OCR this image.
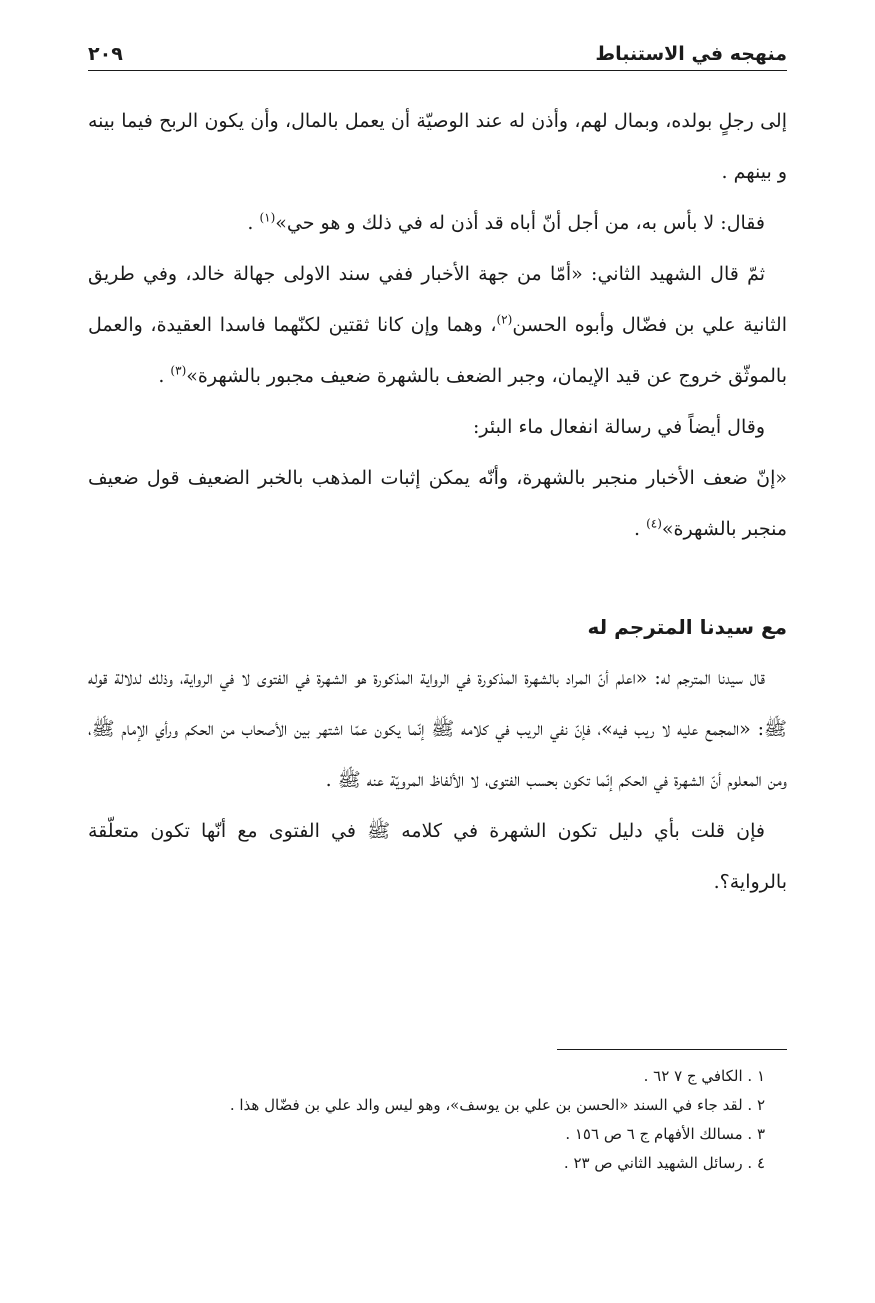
منهجه في الاستنباط
٢٠٩

إلى رجلٍ بولده، وبمال لهم، وأذن له عند الوصيّة أن يعمل بالمال، وأن يكون الربح فيما بينه و بينهم .

فقال: لا بأس به، من أجل أنّ أباه قد أذن له في ذلك و هو حي»$^{(١)}$ .

ثمّ قال الشهيد الثاني: «أمّا من جهة الأخبار ففي سند الاولى جهالة خالد، وفي طريق الثانية علي بن فضّال وأبوه الحسن$^{(٢)}$، وهما وإن كانا ثقتين لكنّهما فاسدا العقيدة، والعمل بالموثّق خروج عن قيد الإيمان، وجبر الضعف بالشهرة ضعيف مجبور بالشهرة»$^{(٣)}$ .

وقال أيضاً في رسالة انفعال ماء البئر:

«إنّ ضعف الأخبار منجبر بالشهرة، وأنّه يمكن إثبات المذهب بالخبر الضعيف قول ضعيف منجبر بالشهرة»$^{(٤)}$ .

مع سيدنا المترجم له

قال سيدنا المترجم له: «اعلم أنّ المراد بالشهرة المذكورة في الرواية المذكورة هو الشهرة في الفتوى لا في الرواية، وذلك لدلالة قوله ﷺ: «المجمع عليه لا ريب فيه»، فإنّ نفي الريب في كلامه ﷺ إنّما يكون عمّا اشتهر بين الأصحاب من الحكم ورأي الإمام ﷺ، ومن المعلوم أنّ الشهرة في الحكم إنّما تكون بحسب الفتوى، لا الألفاظ المرويّة عنه ﷺ .

فإن قلت بأي دليل تكون الشهرة في كلامه ﷺ في الفتوى مع أنّها تكون متعلّقة بالرواية؟.

١ . الكافي ج ٧ ٦٢ .
٢ . لقد جاء في السند «الحسن بن علي بن يوسف»، وهو ليس والد علي بن فضّال هذا .
٣ . مسالك الأفهام ج ٦ ص ١٥٦ .
٤ . رسائل الشهيد الثاني ص ٢٣ .
